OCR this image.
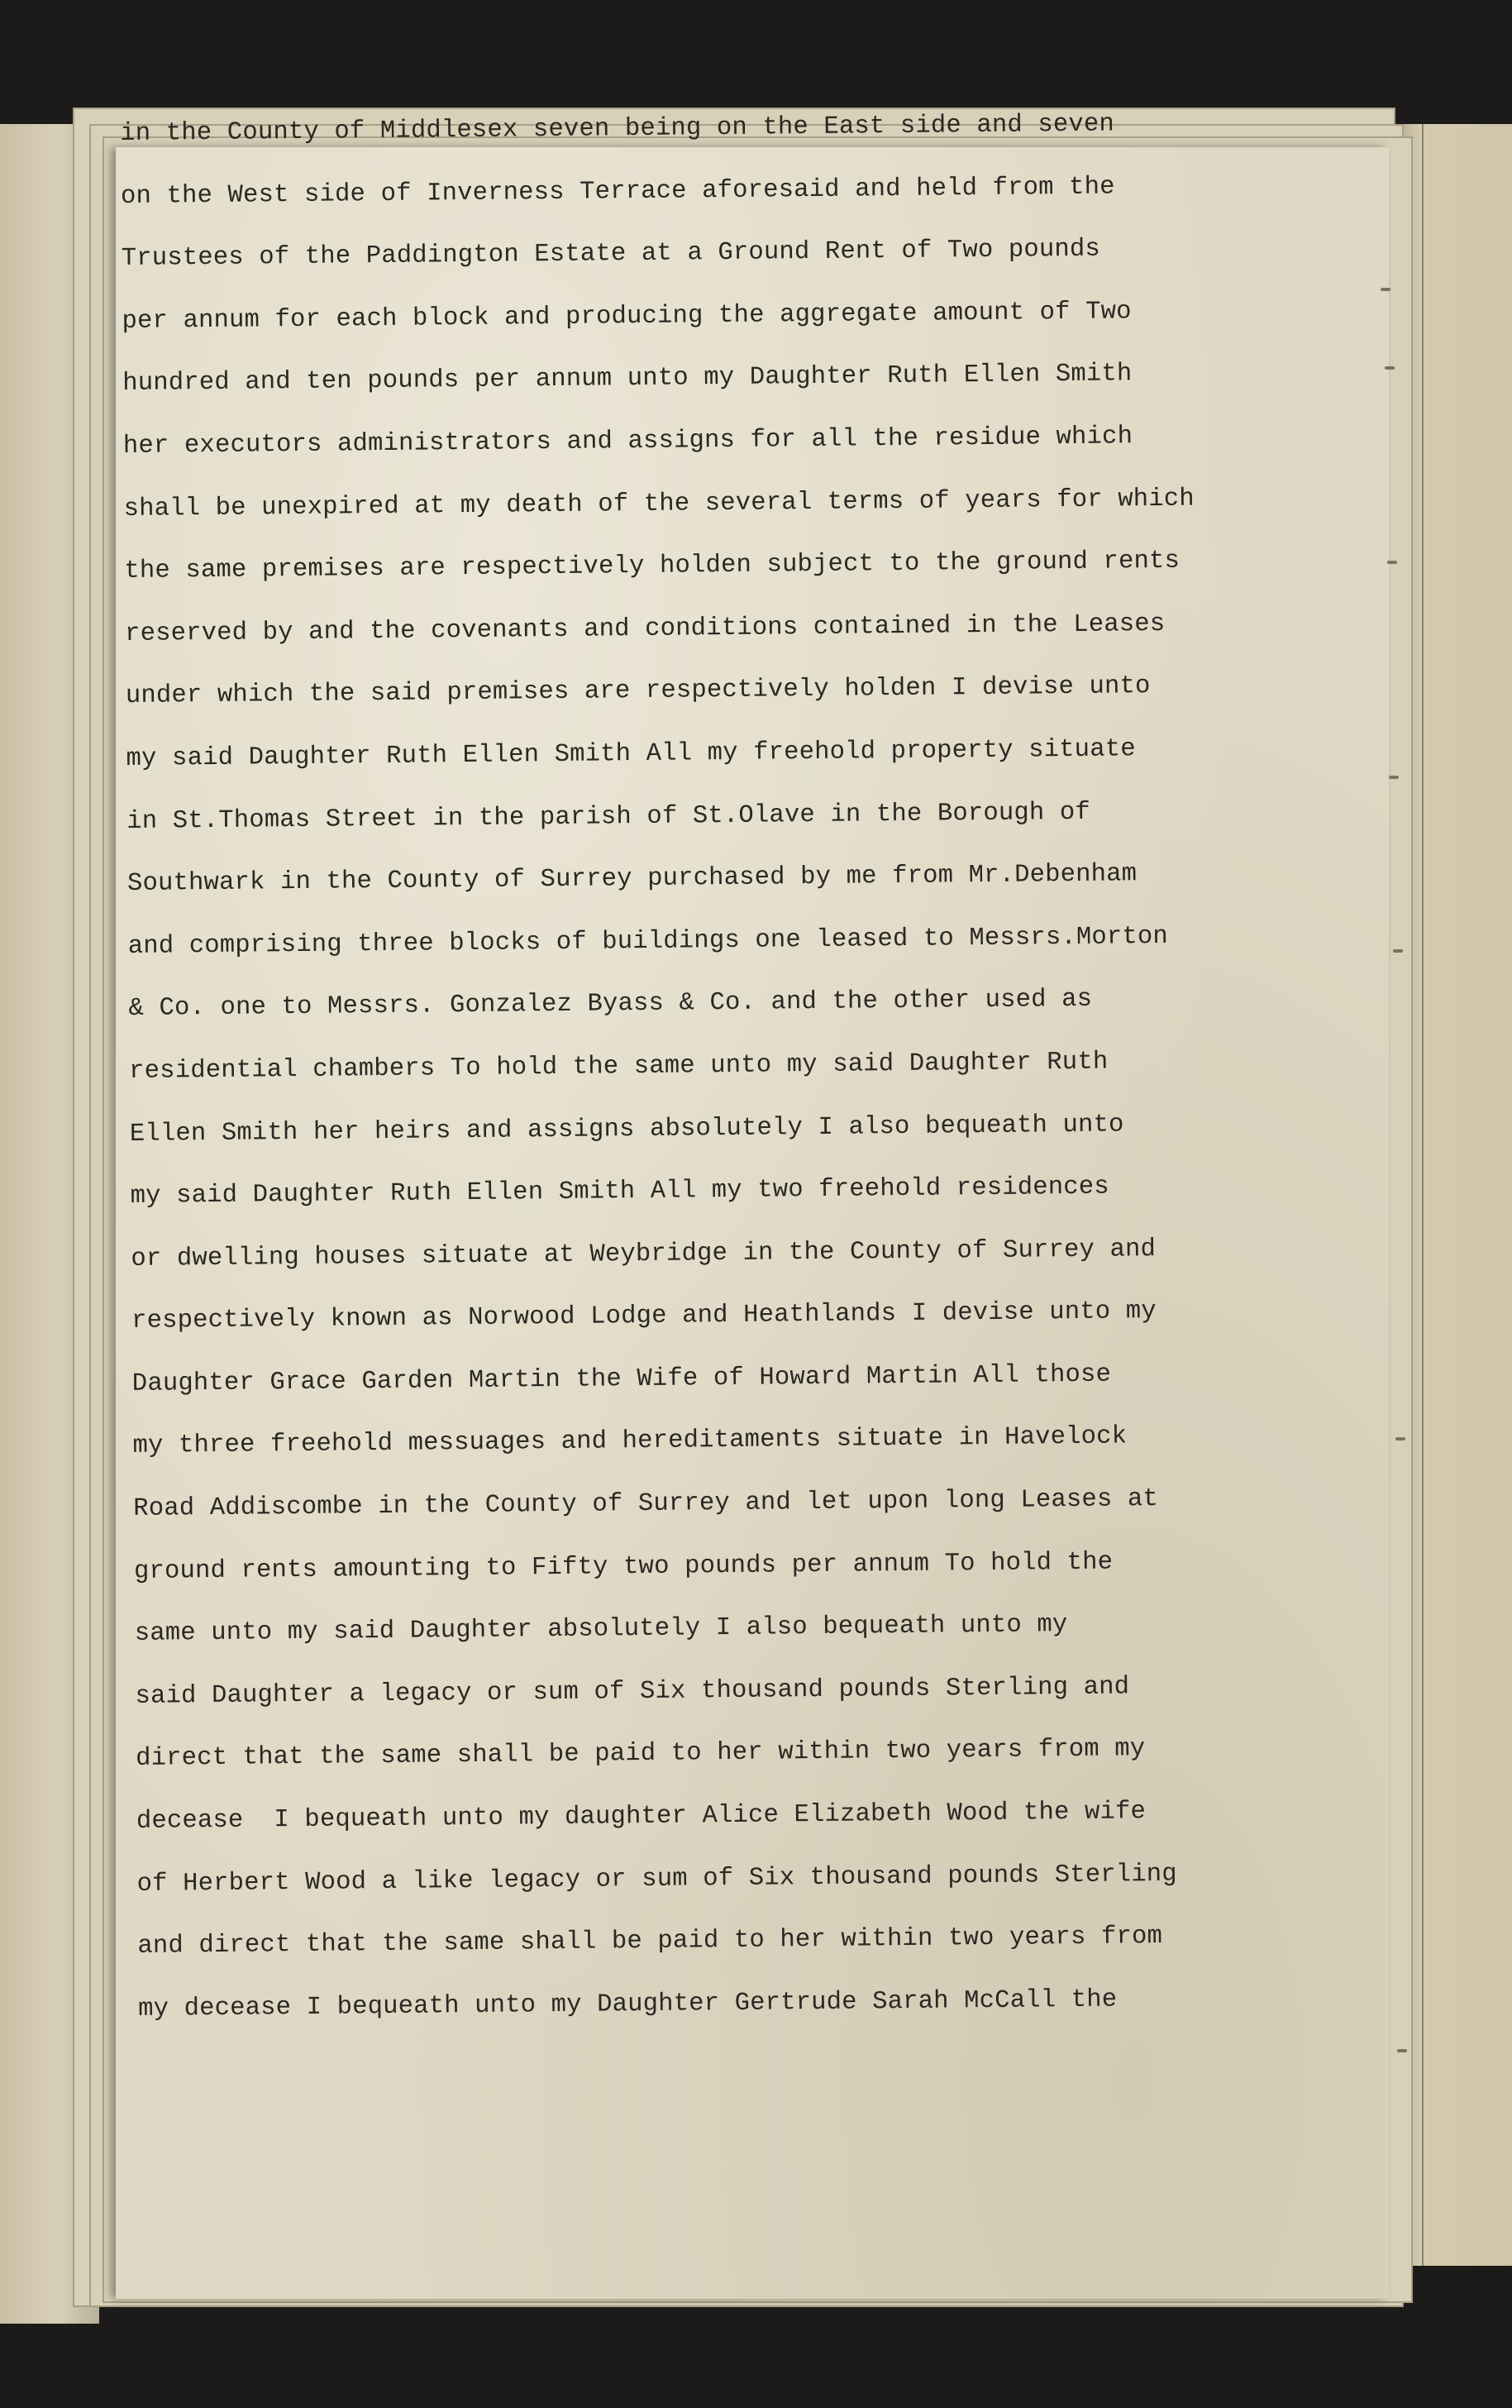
in the County of Middlesex seven being on the East side and seven
on the West side of Inverness Terrace aforesaid and held from the
Trustees of the Paddington Estate at a Ground Rent of Two pounds
per annum for each block and producing the aggregate amount of Two
hundred and ten pounds per annum unto my Daughter Ruth Ellen Smith
her executors administrators and assigns for all the residue which
shall be unexpired at my death of the several terms of years for which
the same premises are respectively holden subject to the ground rents
reserved by and the covenants and conditions contained in the Leases
under which the said premises are respectively holden I devise unto
my said Daughter Ruth Ellen Smith All my freehold property situate
in St.Thomas Street in the parish of St.Olave in the Borough of
Southwark in the County of Surrey purchased by me from Mr.Debenham
and comprising three blocks of buildings one leased to Messrs.Morton
& Co. one to Messrs. Gonzalez Byass & Co. and the other used as
residential chambers To hold the same unto my said Daughter Ruth
Ellen Smith her heirs and assigns absolutely I also bequeath unto
my said Daughter Ruth Ellen Smith All my two freehold residences
or dwelling houses situate at Weybridge in the County of Surrey and
respectively known as Norwood Lodge and Heathlands I devise unto my
Daughter Grace Garden Martin the Wife of Howard Martin All those
my three freehold messuages and hereditaments situate in Havelock
Road Addiscombe in the County of Surrey and let upon long Leases at
ground rents amounting to Fifty two pounds per annum To hold the
same unto my said Daughter absolutely I also bequeath unto my
said Daughter a legacy or sum of Six thousand pounds Sterling and
direct that the same shall be paid to her within two years from my
decease  I bequeath unto my daughter Alice Elizabeth Wood the wife
of Herbert Wood a like legacy or sum of Six thousand pounds Sterling
and direct that the same shall be paid to her within two years from
my decease I bequeath unto my Daughter Gertrude Sarah McCall the
